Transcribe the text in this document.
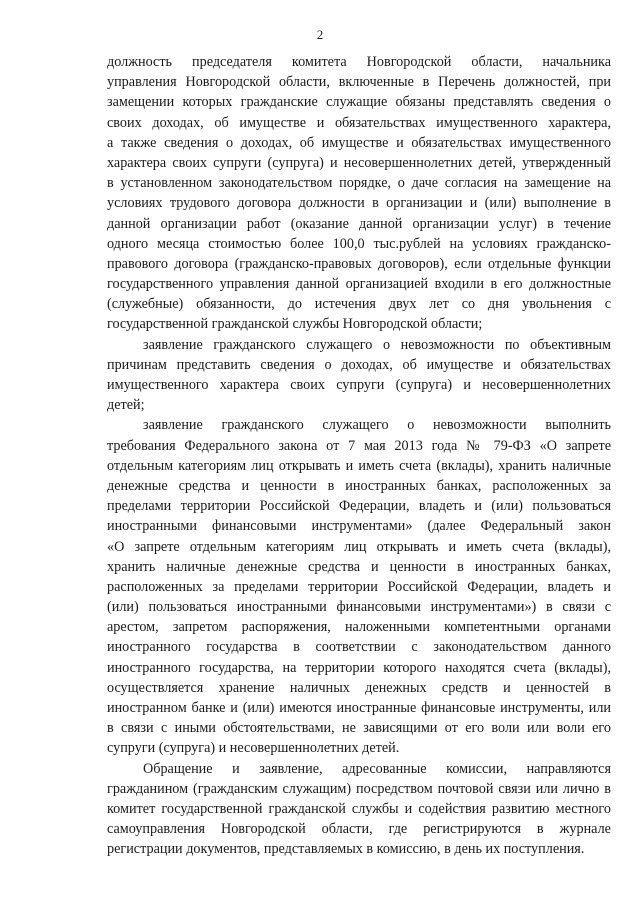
2
должность председателя комитета Новгородской области, начальника
управления Новгородской области, включенные в Перечень должностей, при
замещении которых гражданские служащие обязаны представлять сведения о
своих доходах, об имуществе и обязательствах имущественного характера,
а также сведения о доходах, об имуществе и обязательствах имущественного
характера своих супруги (супруга) и несовершеннолетних детей, утвержденный
в установленном законодательством порядке, о даче согласия на замещение на
условиях трудового договора должности в организации и (или) выполнение в
данной организации работ (оказание данной организации услуг) в течение
одного месяца стоимостью более 100,0 тыс.рублей на условиях гражданско-
правового договора (гражданско-правовых договоров), если отдельные функции
государственного управления данной организацией входили в его должностные
(служебные) обязанности, до истечения двух лет со дня увольнения с
государственной гражданской службы Новгородской области;
заявление гражданского служащего о невозможности по объективным
причинам представить сведения о доходах, об имуществе и обязательствах
имущественного характера своих супруги (супруга) и несовершеннолетних
детей;
заявление гражданского служащего о невозможности выполнить
требования Федерального закона от 7 мая 2013 года № 79-ФЗ «О запрете
отдельным категориям лиц открывать и иметь счета (вклады), хранить наличные
денежные средства и ценности в иностранных банках, расположенных за
пределами территории Российской Федерации, владеть и (или) пользоваться
иностранными финансовыми инструментами» (далее Федеральный закон
«О запрете отдельным категориям лиц открывать и иметь счета (вклады),
хранить наличные денежные средства и ценности в иностранных банках,
расположенных за пределами территории Российской Федерации, владеть и
(или) пользоваться иностранными финансовыми инструментами») в связи с
арестом, запретом распоряжения, наложенными компетентными органами
иностранного государства в соответствии с законодательством данного
иностранного государства, на территории которого находятся счета (вклады),
осуществляется хранение наличных денежных средств и ценностей в
иностранном банке и (или) имеются иностранные финансовые инструменты, или
в связи с иными обстоятельствами, не зависящими от его воли или воли его
супруги (супруга) и несовершеннолетних детей.
Обращение и заявление, адресованные комиссии, направляются
гражданином (гражданским служащим) посредством почтовой связи или лично в
комитет государственной гражданской службы и содействия развитию местного
самоуправления Новгородской области, где регистрируются в журнале
регистрации документов, представляемых в комиссию, в день их поступления.
